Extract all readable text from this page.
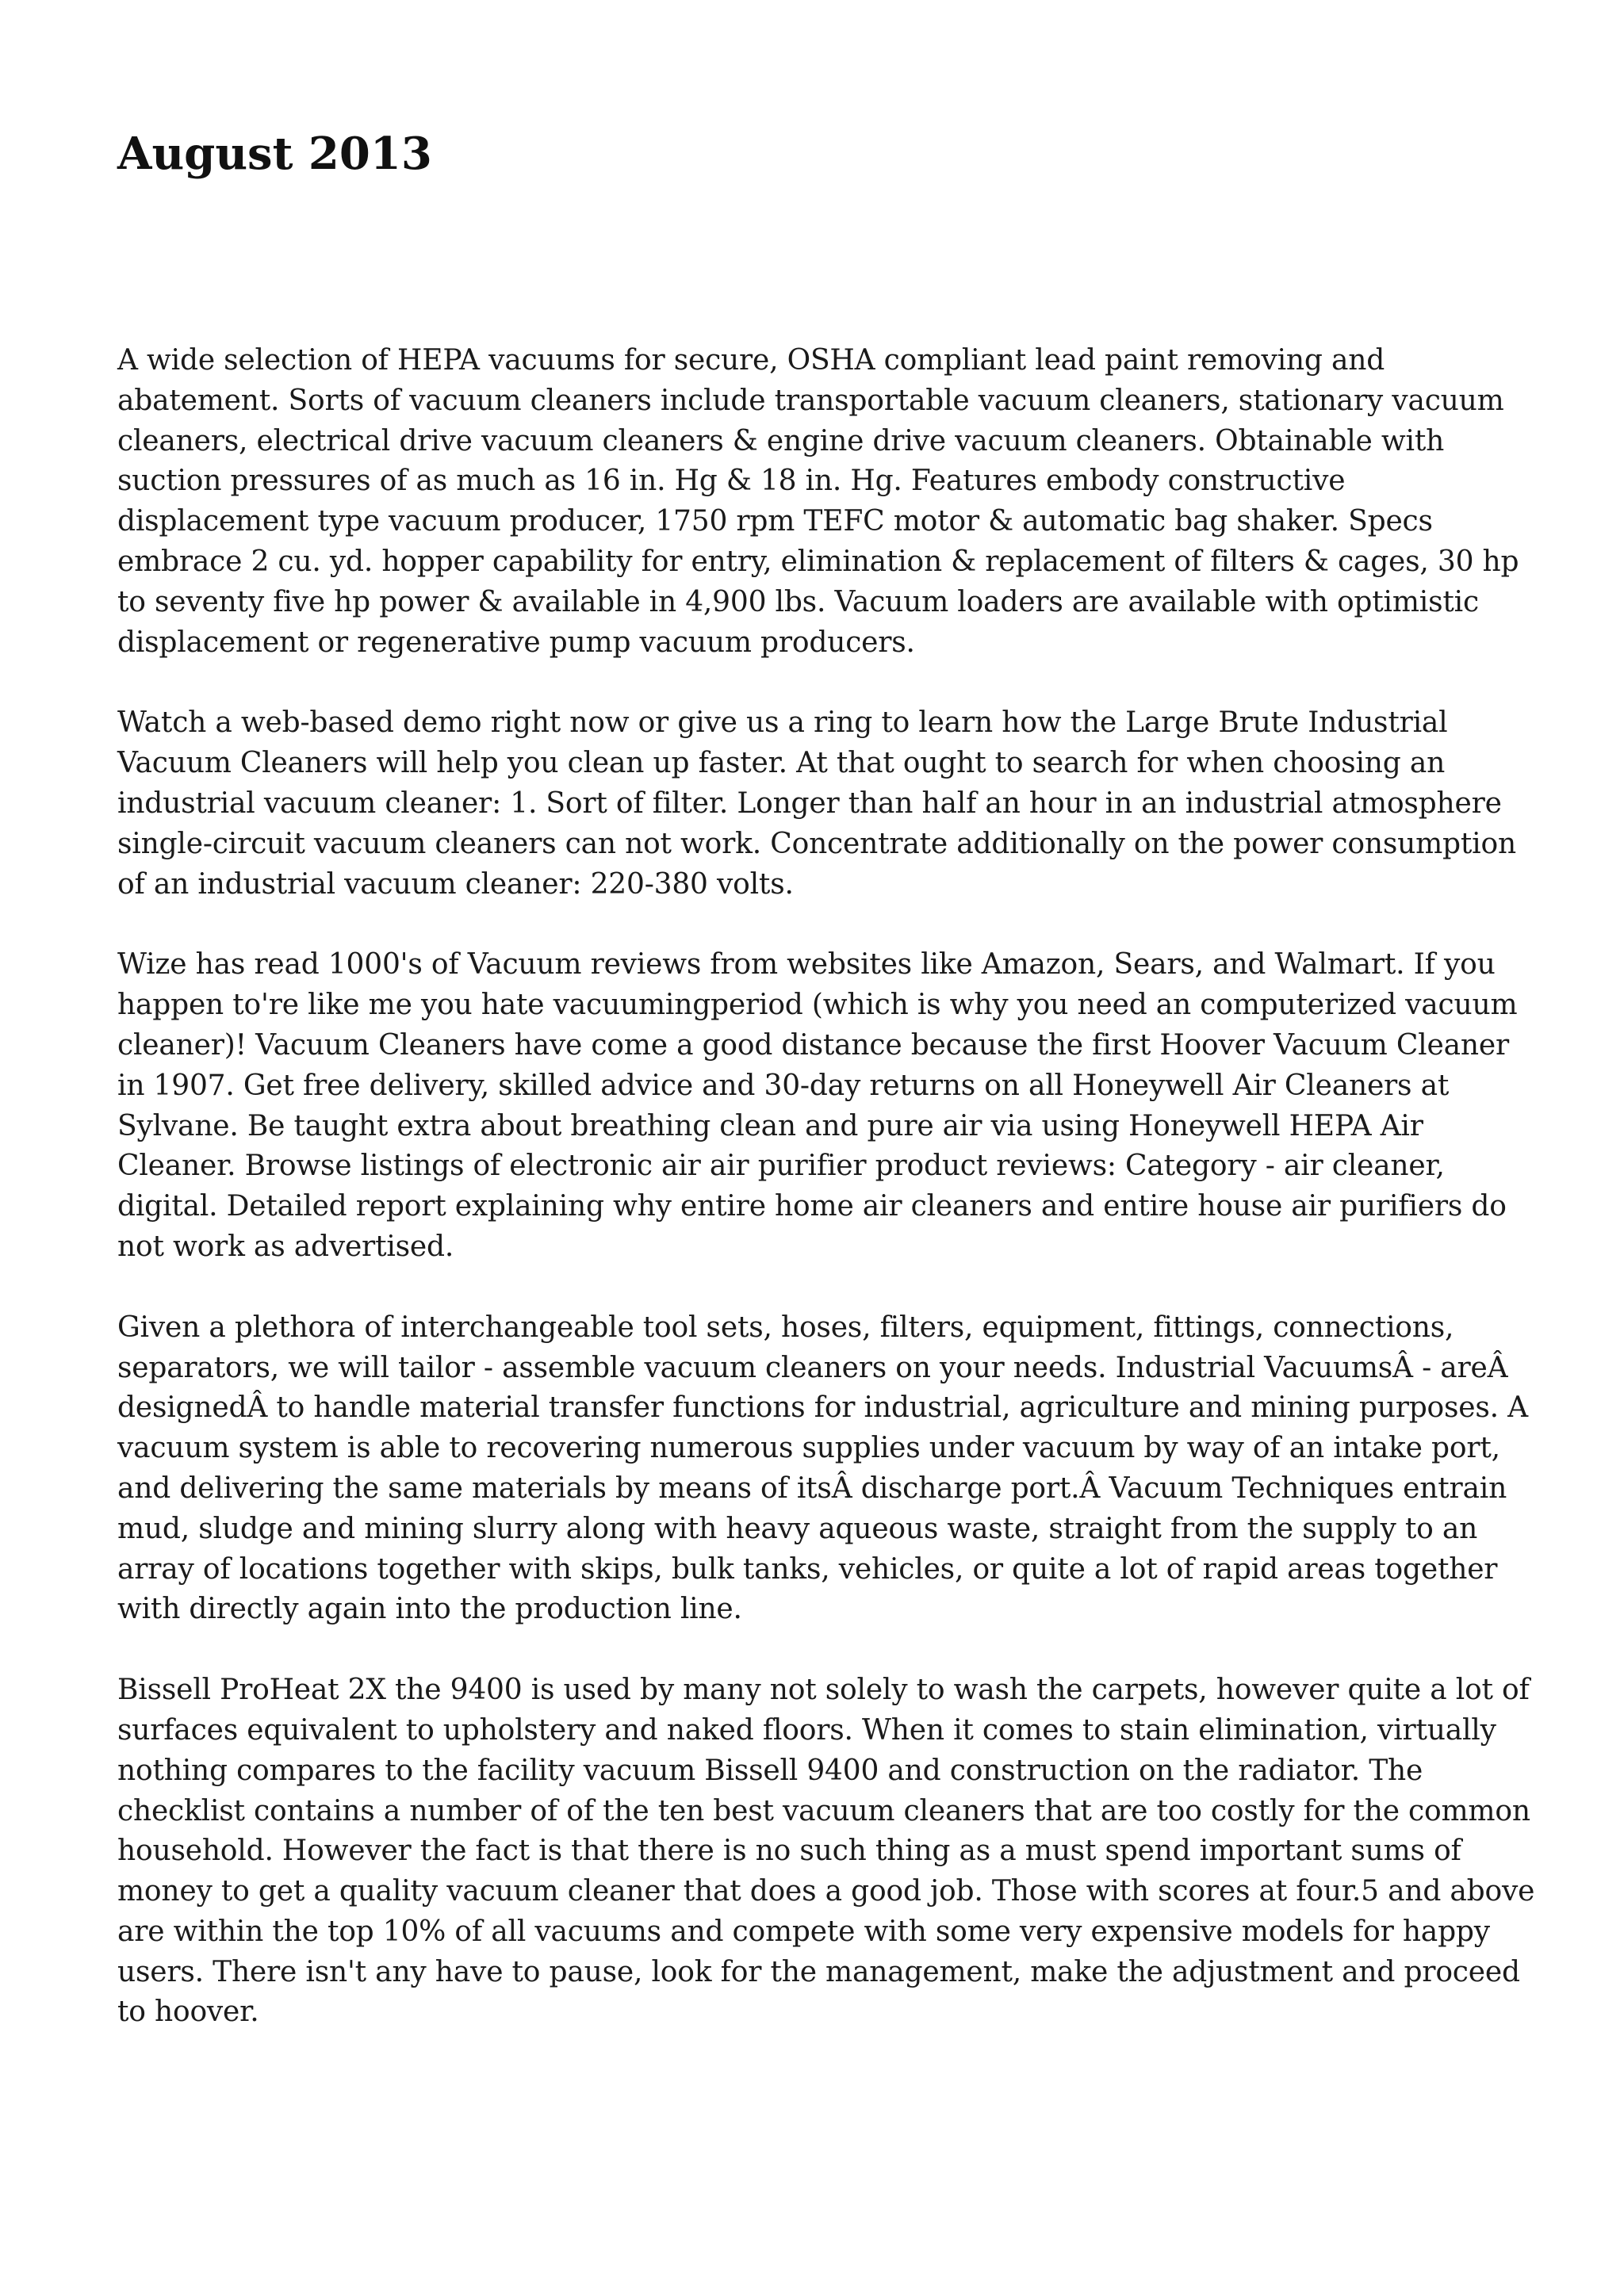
August 2013

A wide selection of HEPA vacuums for secure, OSHA compliant lead paint removing and abatement. Sorts of vacuum cleaners include transportable vacuum cleaners, stationary vacuum cleaners, electrical drive vacuum cleaners & engine drive vacuum cleaners. Obtainable with suction pressures of as much as 16 in. Hg & 18 in. Hg. Features embody constructive displacement type vacuum producer, 1750 rpm TEFC motor & automatic bag shaker. Specs embrace 2 cu. yd. hopper capability for entry, elimination & replacement of filters & cages, 30 hp to seventy five hp power & available in 4,900 lbs. Vacuum loaders are available with optimistic displacement or regenerative pump vacuum producers.

Watch a web-based demo right now or give us a ring to learn how the Large Brute Industrial Vacuum Cleaners will help you clean up faster. At that ought to search for when choosing an industrial vacuum cleaner: 1. Sort of filter. Longer than half an hour in an industrial atmosphere single-circuit vacuum cleaners can not work. Concentrate additionally on the power consumption of an industrial vacuum cleaner: 220-380 volts.

Wize has read 1000's of Vacuum reviews from websites like Amazon, Sears, and Walmart. If you happen to're like me you hate vacuumingperiod (which is why you need an computerized vacuum cleaner)! Vacuum Cleaners have come a good distance because the first Hoover Vacuum Cleaner in 1907. Get free delivery, skilled advice and 30-day returns on all Honeywell Air Cleaners at Sylvane. Be taught extra about breathing clean and pure air via using Honeywell HEPA Air Cleaner. Browse listings of electronic air air purifier product reviews: Category - air cleaner, digital. Detailed report explaining why entire home air cleaners and entire house air purifiers do not work as advertised.

Given a plethora of interchangeable tool sets, hoses, filters, equipment, fittings, connections, separators, we will tailor - assemble vacuum cleaners on your needs. Industrial VacuumsÂ - areÂ designedÂ to handle material transfer functions for industrial, agriculture and mining purposes. A vacuum system is able to recovering numerous supplies under vacuum by way of an intake port, and delivering the same materials by means of itsÂ discharge port.Â Vacuum Techniques entrain mud, sludge and mining slurry along with heavy aqueous waste, straight from the supply to an array of locations together with skips, bulk tanks, vehicles, or quite a lot of rapid areas together with directly again into the production line.

Bissell ProHeat 2X the 9400 is used by many not solely to wash the carpets, however quite a lot of surfaces equivalent to upholstery and naked floors. When it comes to stain elimination, virtually nothing compares to the facility vacuum Bissell 9400 and construction on the radiator. The checklist contains a number of of the ten best vacuum cleaners that are too costly for the common household. However the fact is that there is no such thing as a must spend important sums of money to get a quality vacuum cleaner that does a good job. Those with scores at four.5 and above are within the top 10% of all vacuums and compete with some very expensive models for happy users. There isn't any have to pause, look for the management, make the adjustment and proceed to hoover.
